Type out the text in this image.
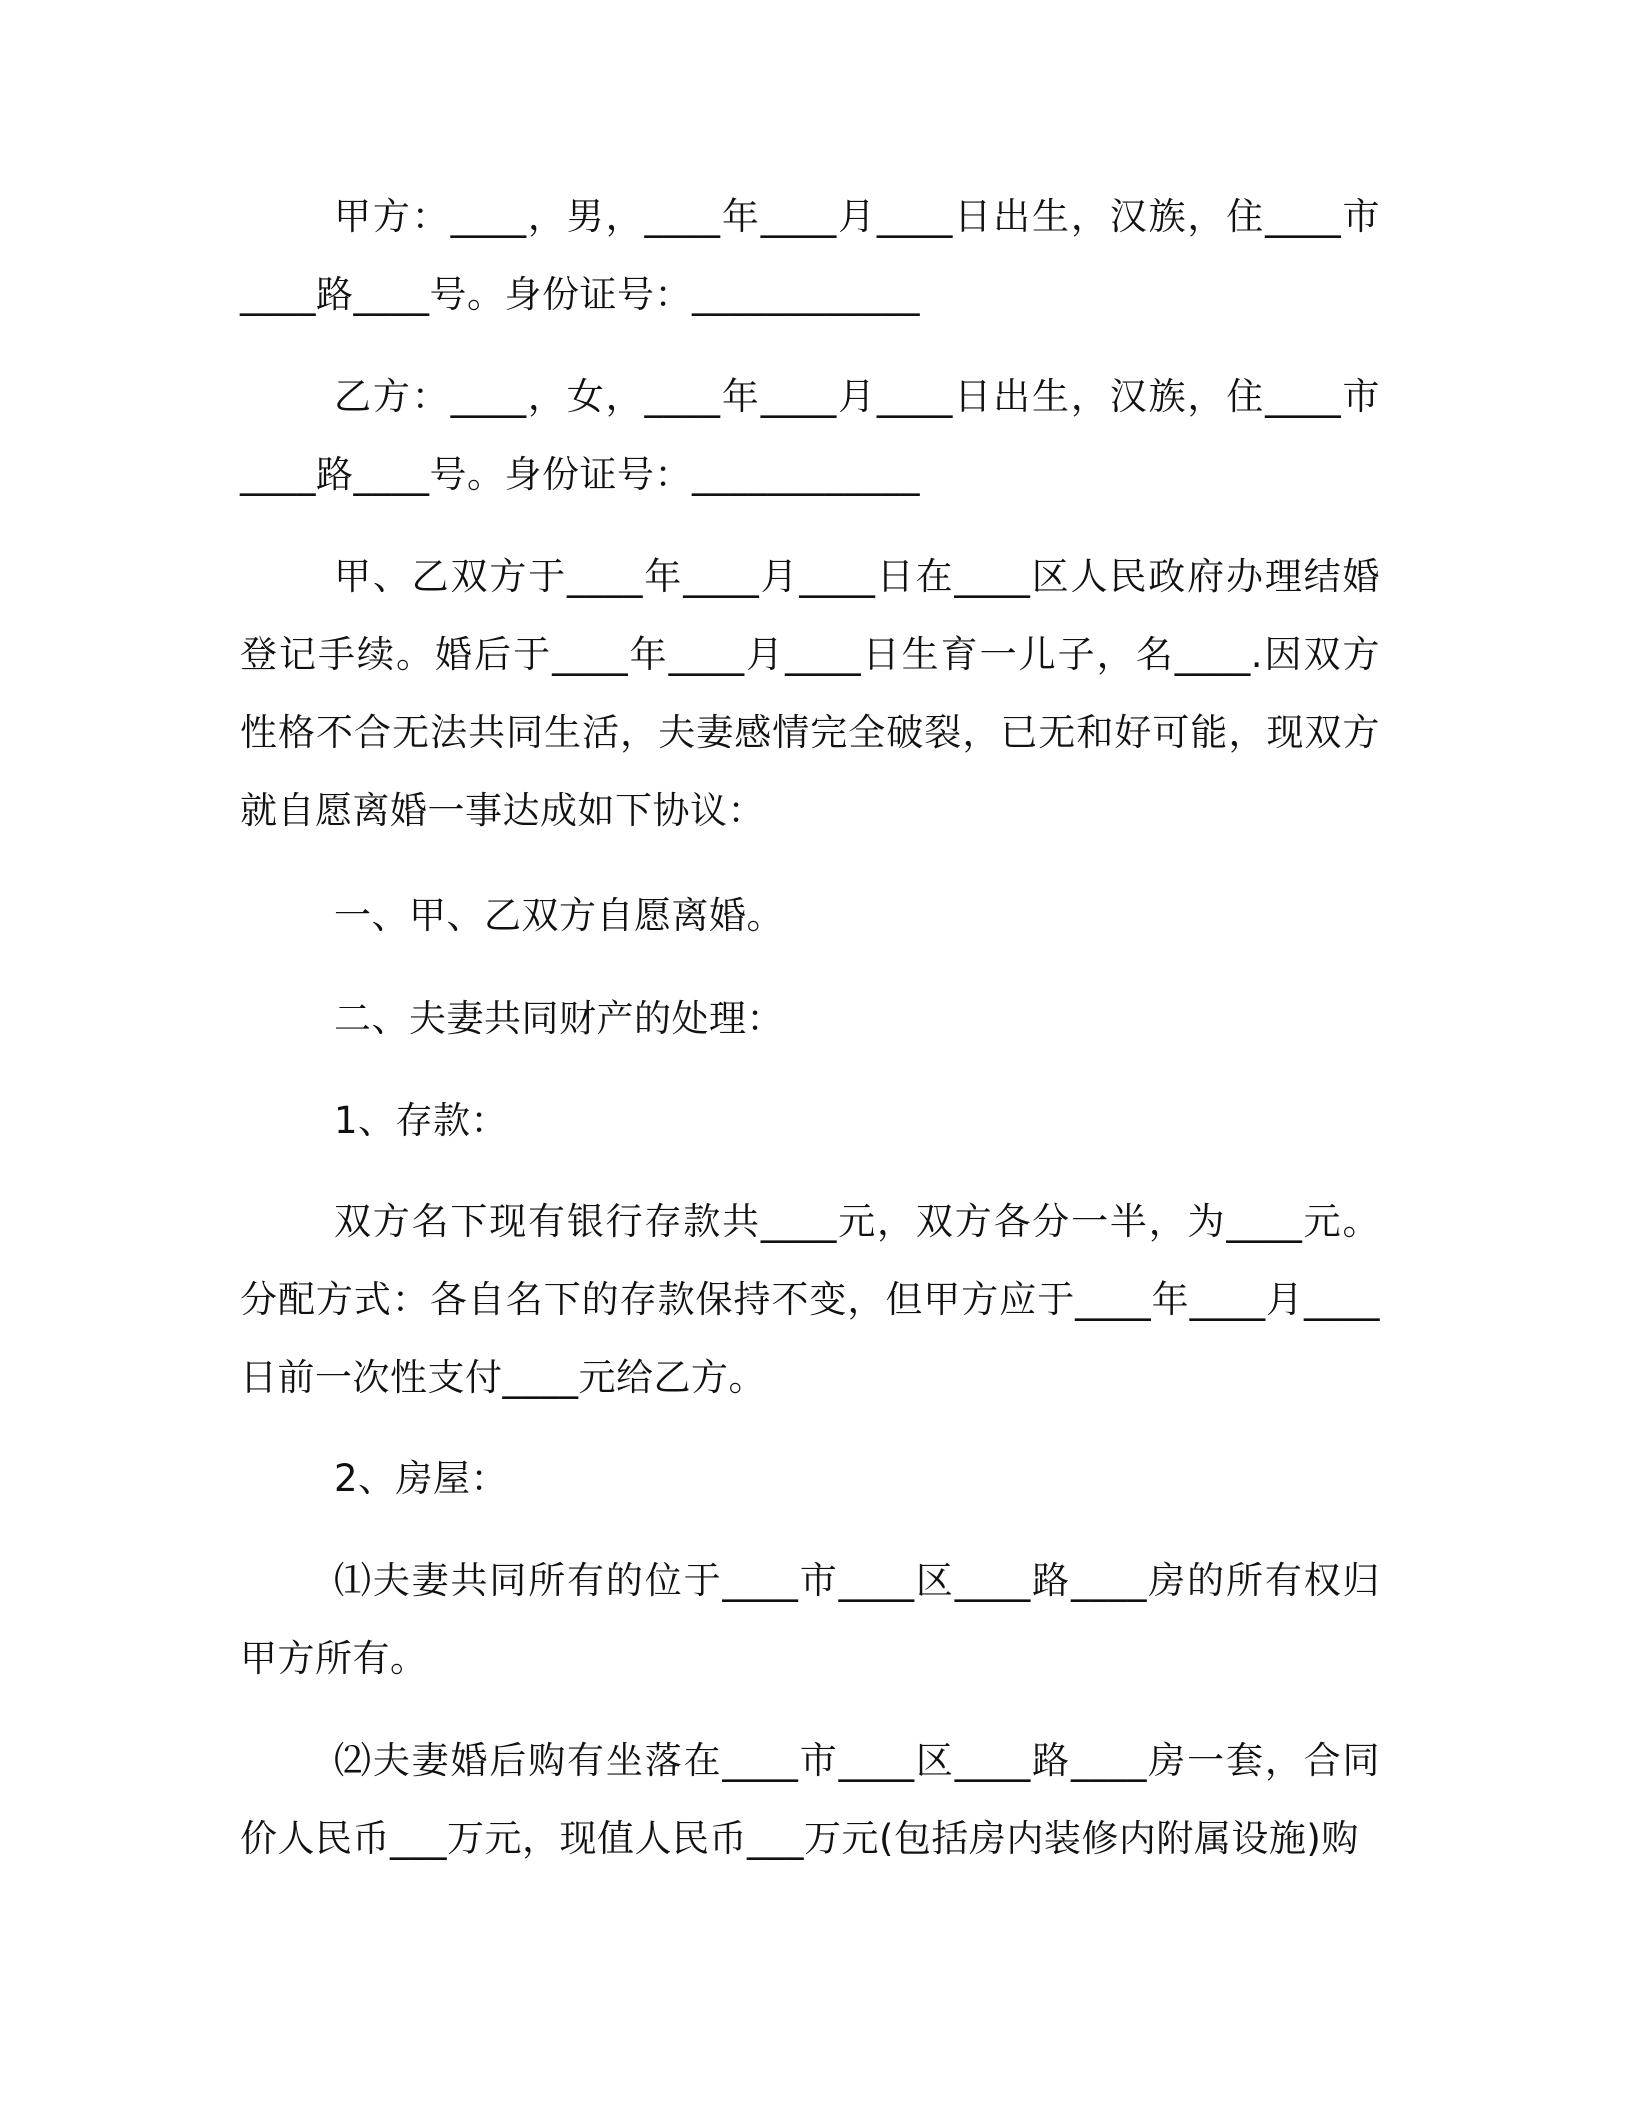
甲方：____，男，____年____月____日出生，汉族，住____市____路____号。身份证号：____________

乙方：____，女，____年____月____日出生，汉族，住____市____路____号。身份证号：____________

甲、乙双方于____年____月____日在____区人民政府办理结婚登记手续。婚后于____年____月____日生育一儿子，名____.因双方性格不合无法共同生活，夫妻感情完全破裂，已无和好可能，现双方就自愿离婚一事达成如下协议：

一、甲、乙双方自愿离婚。

二、夫妻共同财产的处理：

1、存款：

双方名下现有银行存款共____元，双方各分一半，为____元。分配方式：各自名下的存款保持不变，但甲方应于____年____月____日前一次性支付____元给乙方。

2、房屋：

⑴夫妻共同所有的位于____市____区____路____房的所有权归甲方所有。

⑵夫妻婚后购有坐落在____市____区____路____房一套，合同价人民币___万元，现值人民币___万元(包括房内装修内附属设施)购
